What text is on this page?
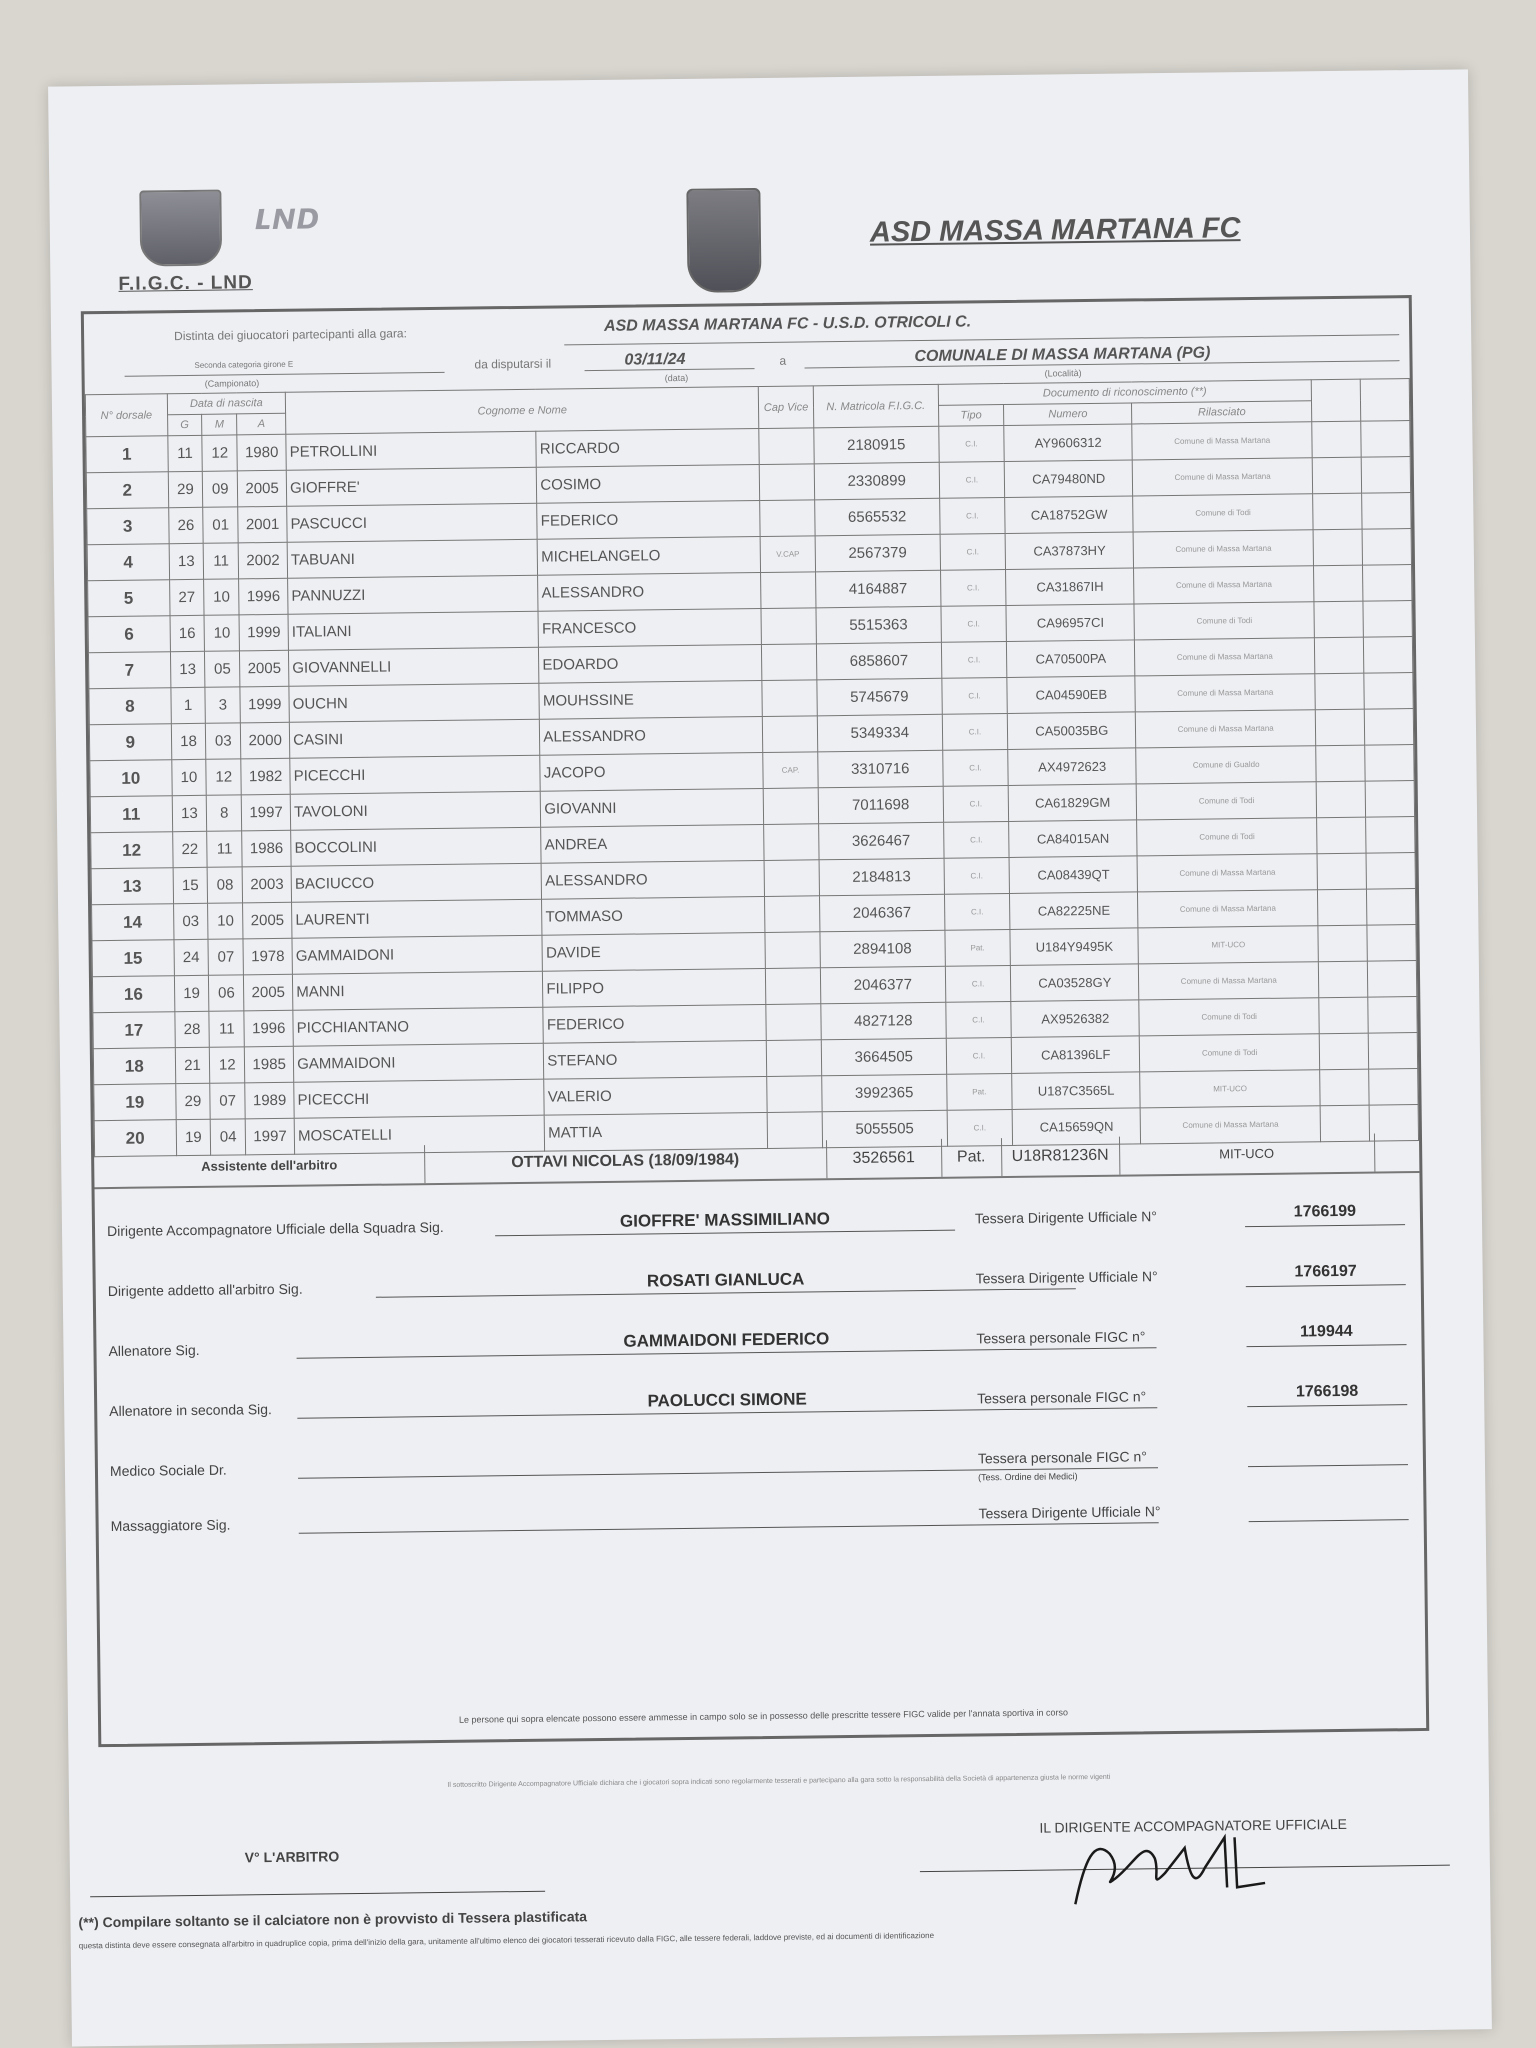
F.I.G.C. - LND
ʟɴᴅ	ASD MASSA MARTANA FC
Distinta dei giuocatori partecipanti alla gara:	ASD MASSA MARTANA FC - U.S.D. OTRICOLI C.
Seconda categoria girone E
(Campionato)
da disputarsi il	03/11/24
(data)
a	COMUNALE DI MASSA MARTANA (PG)
(Località)
N° dorsale	Data di nascita			Cognome e Nome		Cap Vice	N. Matricola F.I.G.C.	Documento di riconoscimento (**)				
	G	M	A					Tipo	Numero	Rilasciato		
1	11	12	1980	PETROLLINI	RICCARDO		2180915	C.I.	AY9606312	Comune di Massa Martana		
2	29	09	2005	GIOFFRE'	COSIMO		2330899	C.I.	CA79480ND	Comune di Massa Martana		
3	26	01	2001	PASCUCCI	FEDERICO		6565532	C.I.	CA18752GW	Comune di Todi		
4	13	11	2002	TABUANI	MICHELANGELO	V.CAP	2567379	C.I.	CA37873HY	Comune di Massa Martana		
5	27	10	1996	PANNUZZI	ALESSANDRO		4164887	C.I.	CA31867IH	Comune di Massa Martana		
6	16	10	1999	ITALIANI	FRANCESCO		5515363	C.I.	CA96957CI	Comune di Todi		
7	13	05	2005	GIOVANNELLI	EDOARDO		6858607	C.I.	CA70500PA	Comune di Massa Martana		
8	1	3	1999	OUCHN	MOUHSSINE		5745679	C.I.	CA04590EB	Comune di Massa Martana		
9	18	03	2000	CASINI	ALESSANDRO		5349334	C.I.	CA50035BG	Comune di Massa Martana		
10	10	12	1982	PICECCHI	JACOPO	CAP.	3310716	C.I.	AX4972623	Comune di Gualdo		
11	13	8	1997	TAVOLONI	GIOVANNI		7011698	C.I.	CA61829GM	Comune di Todi		
12	22	11	1986	BOCCOLINI	ANDREA		3626467	C.I.	CA84015AN	Comune di Todi		
13	15	08	2003	BACIUCCO	ALESSANDRO		2184813	C.I.	CA08439QT	Comune di Massa Martana		
14	03	10	2005	LAURENTI	TOMMASO		2046367	C.I.	CA82225NE	Comune di Massa Martana		
15	24	07	1978	GAMMAIDONI	DAVIDE		2894108	Pat.	U184Y9495K	MIT-UCO		
16	19	06	2005	MANNI	FILIPPO		2046377	C.I.	CA03528GY	Comune di Massa Martana		
17	28	11	1996	PICCHIANTANO	FEDERICO		4827128	C.I.	AX9526382	Comune di Todi		
18	21	12	1985	GAMMAIDONI	STEFANO		3664505	C.I.	CA81396LF	Comune di Todi		
19	29	07	1989	PICECCHI	VALERIO		3992365	Pat.	U187C3565L	MIT-UCO		
20	19	04	1997	MOSCATELLI	MATTIA		5055505	C.I.	CA15659QN	Comune di Massa Martana		
Assistente dell'arbitro	OTTAVI NICOLAS (18/09/1984)	3526561	Pat.	U18R81236N	MIT-UCO
Dirigente Accompagnatore Ufficiale della Squadra Sig.	GIOFFRE' MASSIMILIANO	Tessera Dirigente Ufficiale N°	1766199
Dirigente addetto all'arbitro Sig.	ROSATI GIANLUCA	Tessera Dirigente Ufficiale N°	1766197
Allenatore Sig.	GAMMAIDONI FEDERICO	Tessera personale FIGC n°	119944
Allenatore in seconda Sig.	PAOLUCCI SIMONE	Tessera personale FIGC n°	1766198
Medico Sociale Dr.
Tessera personale FIGC n°
(Tess. Ordine dei Medici)
Massaggiatore Sig.
Tessera Dirigente Ufficiale N°
Le persone qui sopra elencate possono essere ammesse in campo solo se in possesso delle prescritte tessere FIGC valide per l'annata sportiva in corso
Il sottoscritto Dirigente Accompagnatore Ufficiale dichiara che i giocatori sopra indicati sono regolarmente tesserati e partecipano alla gara sotto la responsabilità della Società di appartenenza giusta le norme vigenti
V° L'ARBITRO
IL DIRIGENTE ACCOMPAGNATORE UFFICIALE
(**) Compilare soltanto se il calciatore non è provvisto di Tessera plastificata
questa distinta deve essere consegnata all'arbitro in quadruplice copia, prima dell'inizio della gara, unitamente all'ultimo elenco dei giocatori tesserati ricevuto dalla FIGC, alle tessere federali, laddove previste, ed ai documenti di identificazione
